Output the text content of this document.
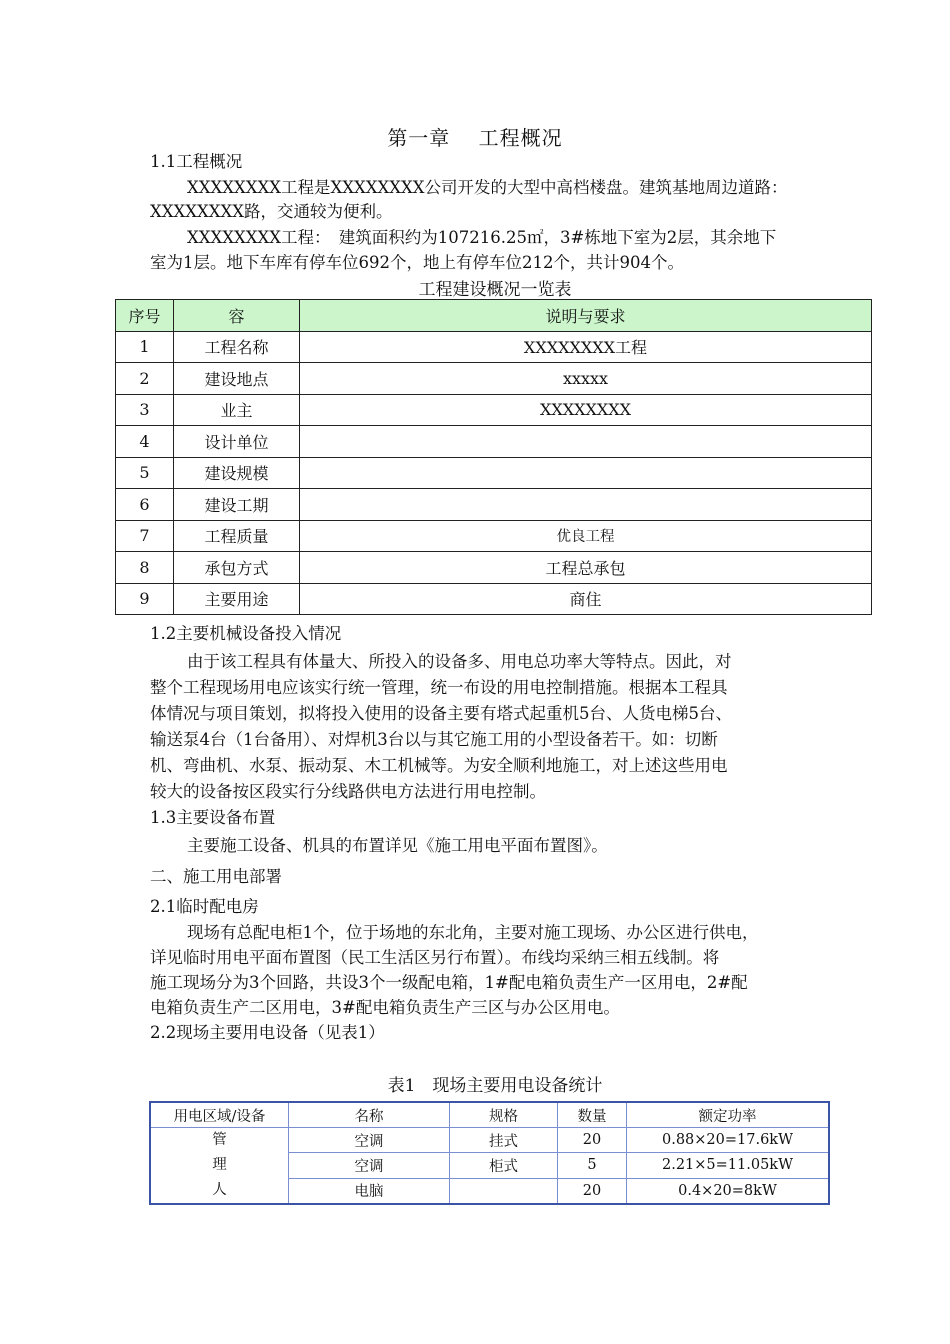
第一章　 工程概况
1.1工程概况
XXXXXXXX工程是XXXXXXXX公司开发的大型中高档楼盘。建筑基地周边道路：
XXXXXXXX路，交通较为便利。
XXXXXXXX工程：　建筑面积约为107216.25㎡，3#栋地下室为2层，其余地下
室为1层。地下车库有停车位692个，地上有停车位212个，共计904个。
工程建设概况一览表
序号	容	说明与要求
1	工程名称	XXXXXXXX工程
2	建设地点	xxxxx
3	业主	XXXXXXXX
4	设计单位	
5	建设规模	
6	建设工期	
7	工程质量	优良工程
8	承包方式	工程总承包
9	主要用途	商住
1.2主要机械设备投入情况
由于该工程具有体量大、所投入的设备多、用电总功率大等特点。因此，对
整个工程现场用电应该实行统一管理，统一布设的用电控制措施。根据本工程具
体情况与项目策划，拟将投入使用的设备主要有塔式起重机5台、人货电梯5台、
输送泵4台（1台备用）、对焊机3台以与其它施工用的小型设备若干。如：切断
机、弯曲机、水泵、振动泵、木工机械等。为安全顺利地施工，对上述这些用电
较大的设备按区段实行分线路供电方法进行用电控制。
1.3主要设备布置
主要施工设备、机具的布置详见《施工用电平面布置图》。
二、施工用电部署
2.1临时配电房
现场有总配电柜1个，位于场地的东北角，主要对施工现场、办公区进行供电，
详见临时用电平面布置图（民工生活区另行布置）。布线均采纳三相五线制。将
施工现场分为3个回路，共设3个一级配电箱，1#配电箱负责生产一区用电，2#配
电箱负责生产二区用电，3#配电箱负责生产三区与办公区用电。
2.2现场主要用电设备（见表1）
表1　现场主要用电设备统计
用电区域/设备	名称	规格	数量	额定功率

管
理
人	空调	挂式	20	0.88×20=17.6kW
	空调	柜式	5	2.21×5=11.05kW
	电脑		20	0.4×20=8kW
